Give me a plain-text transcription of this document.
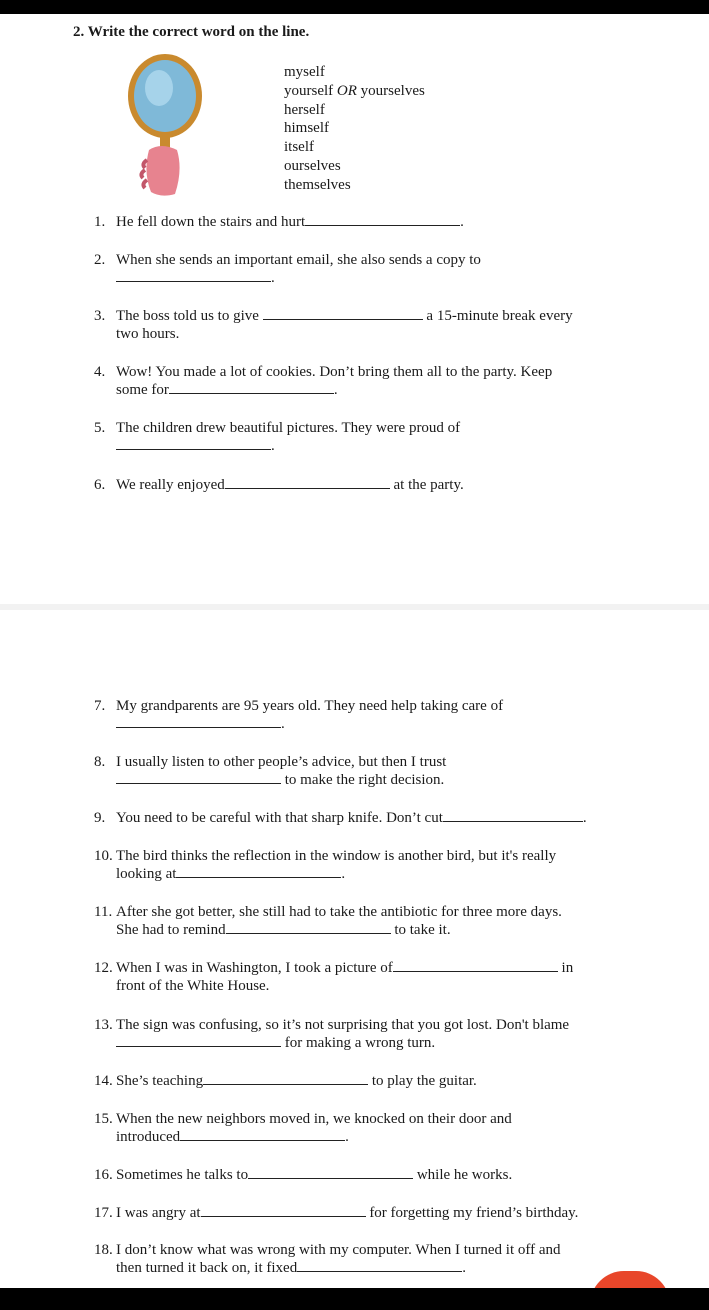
2. Write the correct word on the line.
myself
yourself OR yourselves
herself
himself
itself
ourselves
themselves
1. He fell down the stairs and hurt	.
2. When she sends an important email, she also sends a copy to
.
3. The boss told us to give	a 15-minute break every
two hours.
4. Wow! You made a lot of cookies. Don’t bring them all to the party. Keep
some for	.
5. The children drew beautiful pictures. They were proud of
.
6. We really enjoyed	at the party.
7. My grandparents are 95 years old. They need help taking care of
.
8. I usually listen to other people’s advice, but then I trust
to make the right decision.
9. You need to be careful with that sharp knife. Don’t cut	.
10. The bird thinks the reflection in the window is another bird, but it's really
looking at	.
11. After she got better, she still had to take the antibiotic for three more days.
She had to remind	to take it.
12. When I was in Washington, I took a picture of	in
front of the White House.
13. The sign was confusing, so it’s not surprising that you got lost. Don't blame
for making a wrong turn.
14. She’s teaching	to play the guitar.
15. When the new neighbors moved in, we knocked on their door and
introduced	.
16. Sometimes he talks to	while he works.
17. I was angry at	for forgetting my friend’s birthday.
18. I don’t know what was wrong with my computer. When I turned it off and
then turned it back on, it fixed	.
